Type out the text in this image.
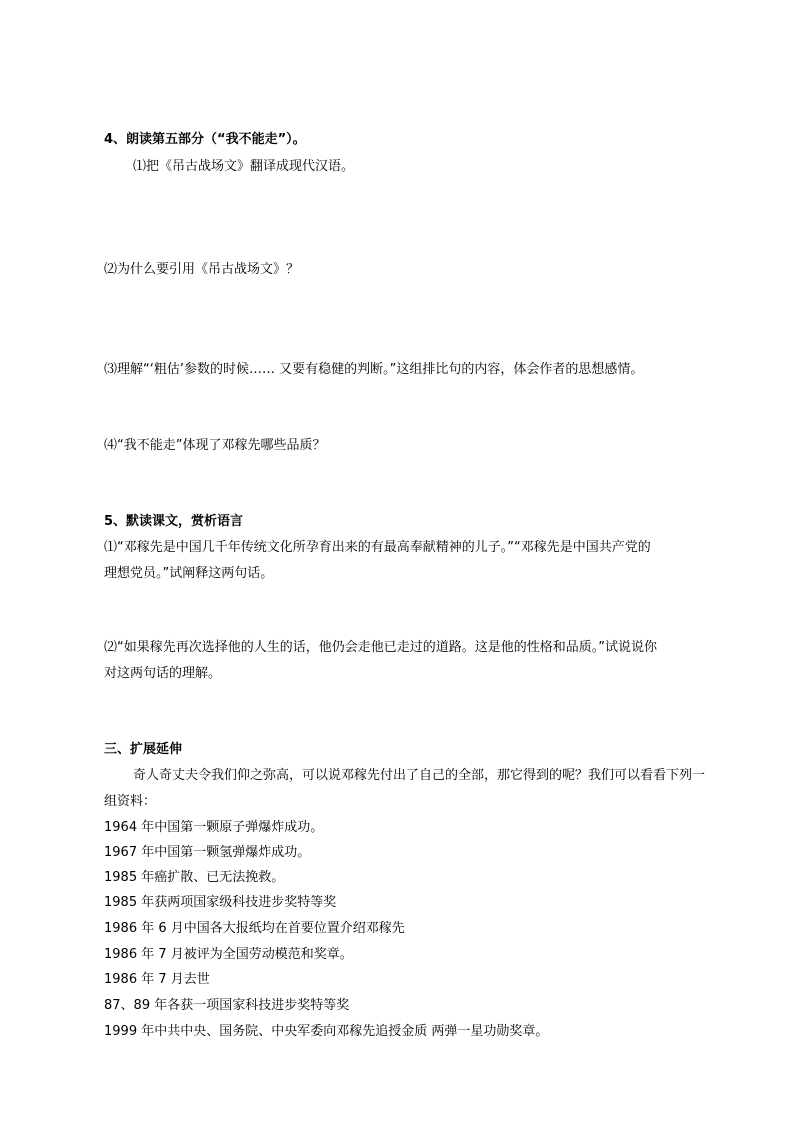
4、朗读第五部分（“我不能走”）。
⑴把《吊古战场文》翻译成现代汉语。
⑵为什么要引用《吊古战场文》？
⑶理解“‘粗估’参数的时候…… 又要有稳健的判断。”这组排比句的内容，体会作者的思想感情。
⑷“我不能走”体现了邓稼先哪些品质？
5、默读课文，赏析语言
⑴“邓稼先是中国几千年传统文化所孕育出来的有最高奉献精神的儿子。”“邓稼先是中国共产党的
理想党员。”试阐释这两句话。
⑵“如果稼先再次选择他的人生的话，他仍会走他已走过的道路。这是他的性格和品质。”试说说你
对这两句话的理解。
三、扩展延伸
奇人奇丈夫令我们仰之弥高，可以说邓稼先付出了自己的全部，那它得到的呢？我们可以看看下列一
组资料：
1964 年中国第一颗原子弹爆炸成功。
1967 年中国第一颗氢弹爆炸成功。
1985 年癌扩散、已无法挽救。
1985 年获两项国家级科技进步奖特等奖
1986 年 6 月中国各大报纸均在首要位置介绍邓稼先
1986 年 7 月被评为全国劳动模范和奖章。
1986 年 7 月去世
87、89 年各获一项国家科技进步奖特等奖
1999 年中共中央、国务院、中央军委向邓稼先追授金质 两弹一星功勋奖章。
